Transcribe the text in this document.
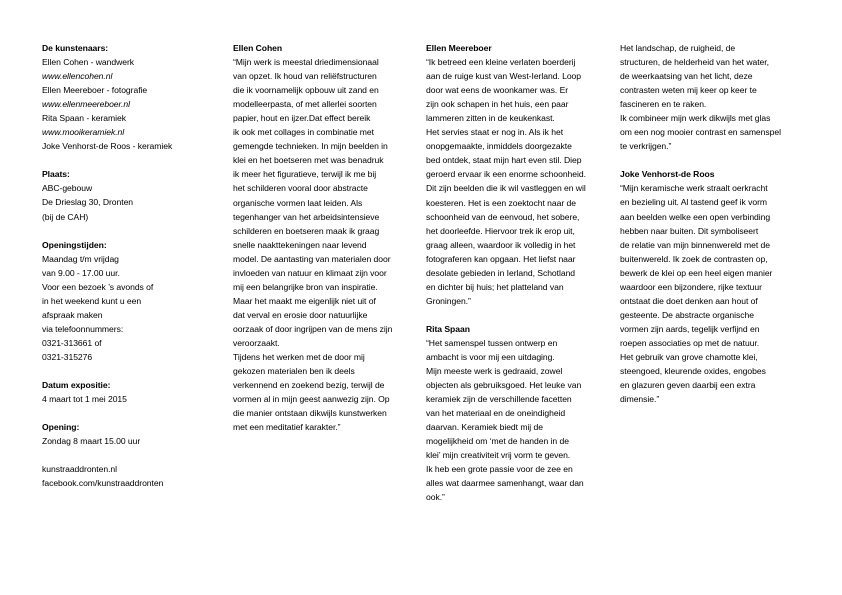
De kunstenaars:
Ellen Cohen - wandwerk
www.ellencohen.nl
Ellen Meereboer - fotografie
www.ellenmeereboer.nl
Rita Spaan - keramiek
www.mooikeramiek.nl
Joke Venhorst-de Roos - keramiek
Plaats:
ABC-gebouw
De Drieslag 30, Dronten
(bij de CAH)
Openingstijden:
Maandag t/m vrijdag
van 9.00 - 17.00 uur.
Voor een bezoek ’s avonds of
in het weekend kunt u een
afspraak maken
via telefoonnummers:
0321-313661 of
0321-315276
Datum expositie:
4 maart tot 1 mei 2015
Opening:
Zondag 8 maart 15.00 uur
kunstraaddronten.nl
facebook.com/kunstraaddronten
Ellen Cohen
“Mijn werk is meestal driedimensionaal
van opzet. Ik houd van reliëfstructuren
die ik voornamelijk opbouw uit zand en
modelleerpasta, of met allerlei soorten
papier, hout en ijzer.Dat effect bereik
ik ook met collages in combinatie met
gemengde technieken. In mijn beelden in
klei en het boetseren met was benadruk
ik meer het figuratieve, terwijl ik me bij
het schilderen vooral door abstracte
organische vormen laat leiden. Als
tegenhanger van het arbeidsintensieve
schilderen en boetseren maak ik graag
snelle naakttekeningen naar levend
model. De aantasting van materialen door
invloeden van natuur en klimaat zijn voor
mij een belangrijke bron van inspiratie.
Maar het maakt me eigenlijk niet uit of
dat verval en erosie door natuurlijke
oorzaak of door ingrijpen van de mens zijn
veroorzaakt.
Tijdens het werken met de door mij
gekozen materialen ben ik deels
verkennend en zoekend bezig, terwijl de
vormen al in mijn geest aanwezig zijn. Op
die manier ontstaan dikwijls kunstwerken
met een meditatief karakter.”
Ellen Meereboer
“Ik betreed een kleine verlaten boerderij
aan de ruige kust van West-Ierland. Loop
door wat eens de woonkamer was. Er
zijn ook schapen in het huis, een paar
lammeren zitten in de keukenkast.
Het servies staat er nog in. Als ik het
onopgemaakte, inmiddels doorgezakte
bed ontdek, staat mijn hart even stil. Diep
geroerd ervaar ik een enorme schoonheid.
Dit zijn beelden die ik wil vastleggen en wil
koesteren. Het is een zoektocht naar de
schoonheid van de eenvoud, het sobere,
het doorleefde. Hiervoor trek ik erop uit,
graag alleen, waardoor ik volledig in het
fotograferen kan opgaan. Het liefst naar
desolate gebieden in Ierland, Schotland
en dichter bij huis; het platteland van
Groningen.”
Rita Spaan
“Het samenspel tussen ontwerp en
ambacht is voor mij een uitdaging.
Mijn meeste werk is gedraaid, zowel
objecten als gebruiksgoed. Het leuke van
keramiek zijn de verschillende facetten
van het materiaal en de oneindigheid
daarvan. Keramiek biedt mij de
mogelijkheid om ‘met de handen in de
klei’ mijn creativiteit vrij vorm te geven.
Ik heb een grote passie voor de zee en
alles wat daarmee samenhangt, waar dan
ook.”
Het landschap, de ruigheid, de
structuren, de helderheid van het water,
de weerkaatsing van het licht, deze
contrasten weten mij keer op keer te
fascineren en te raken.
Ik combineer mijn werk dikwijls met glas
om een nog mooier contrast en samenspel
te verkrijgen.”
Joke Venhorst-de Roos
“Mijn keramische werk straalt oerkracht
en bezieling uit. Al tastend geef ik vorm
aan beelden welke een open verbinding
hebben naar buiten. Dit symboliseert
de relatie van mijn binnenwereld met de
buitenwereld. Ik zoek de contrasten op,
bewerk de klei op een heel eigen manier
waardoor een bijzondere, rijke textuur
ontstaat die doet denken aan hout of
gesteente. De abstracte organische
vormen zijn aards, tegelijk verfijnd en
roepen associaties op met de natuur.
Het gebruik van grove chamotte klei,
steengoed, kleurende oxides, engobes
en glazuren geven daarbij een extra
dimensie.”
